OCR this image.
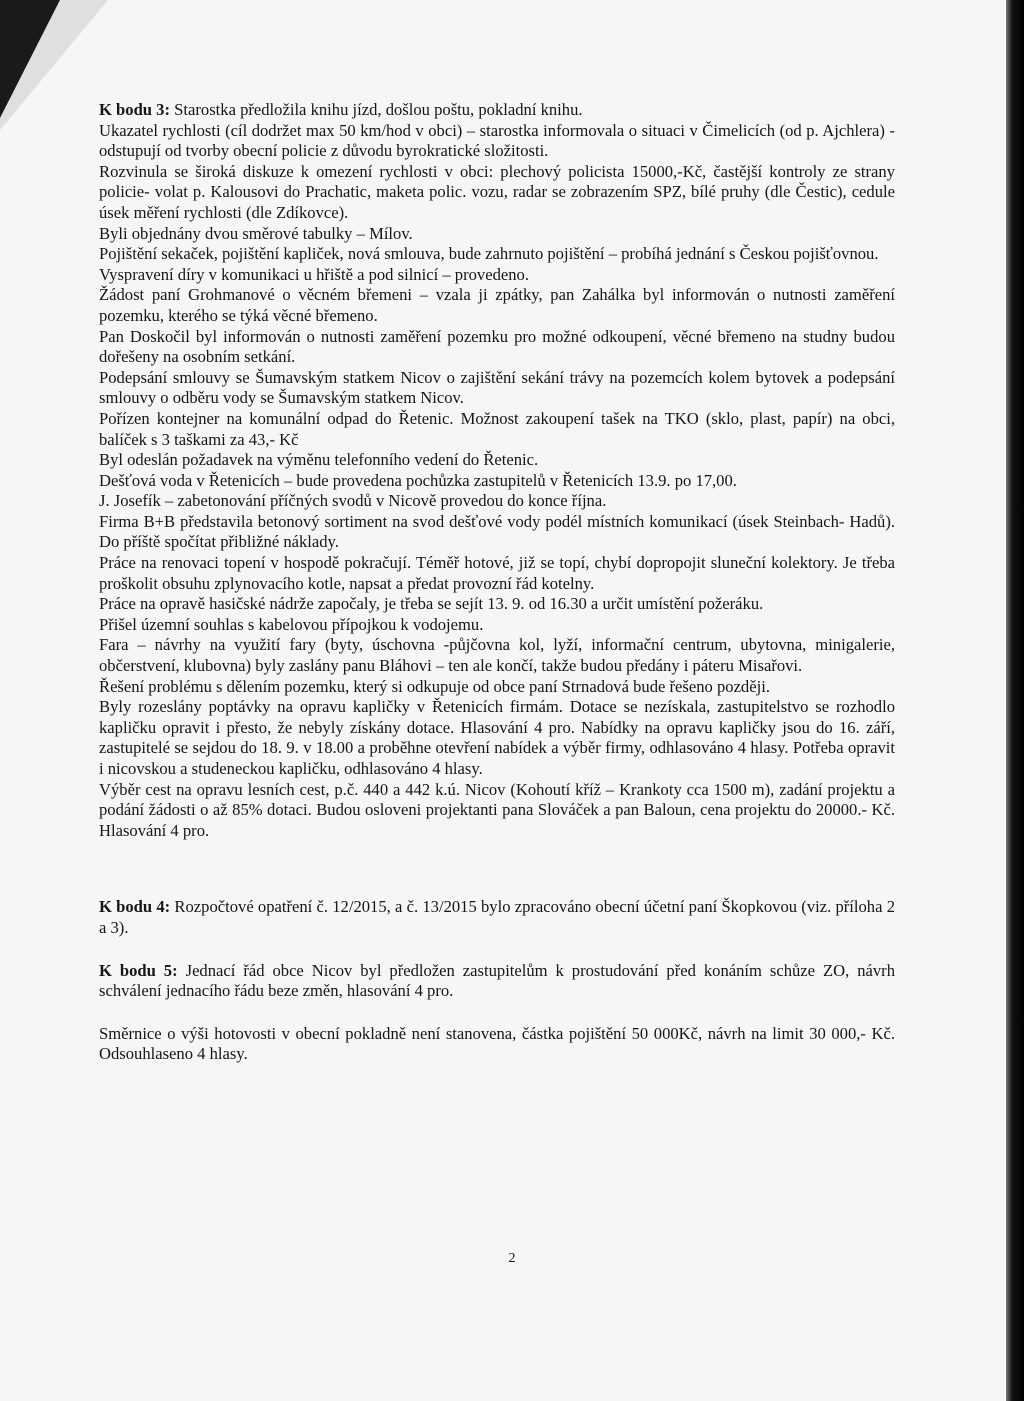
K bodu 3: Starostka předložila knihu jízd, došlou poštu, pokladní knihu.

Ukazatel rychlosti (cíl dodržet max 50 km/hod v obci) – starostka informovala o situaci v Čimelicích (od p. Ajchlera) - odstupují od tvorby obecní policie z důvodu byrokratické složitosti.

Rozvinula se široká diskuze k omezení rychlosti v obci: plechový policista 15000,-Kč, častější kontroly ze strany policie- volat p. Kalousovi do Prachatic, maketa polic. vozu, radar se zobrazením SPZ, bílé pruhy (dle Čestic), cedule úsek měření rychlosti (dle Zdíkovce).

Byli objednány dvou směrové tabulky – Mílov.

Pojištění sekaček, pojištění kapliček, nová smlouva, bude zahrnuto pojištění – probíhá jednání s Českou pojišťovnou.

Vyspravení díry v komunikaci u hřiště a pod silnicí – provedeno.

Žádost paní Grohmanové o věcném břemeni – vzala ji zpátky, pan Zahálka byl informován o nutnosti zaměření pozemku, kterého se týká věcné břemeno.

Pan Doskočil byl informován o nutnosti zaměření pozemku pro možné odkoupení, věcné břemeno na studny budou dořešeny na osobním setkání.

Podepsání smlouvy se Šumavským statkem Nicov o zajištění sekání trávy na pozemcích kolem bytovek a podepsání smlouvy o odběru vody se Šumavským statkem Nicov.

Pořízen kontejner na komunální odpad do Řetenic. Možnost zakoupení tašek na TKO (sklo, plast, papír) na obci, balíček s 3 taškami za 43,- Kč

Byl odeslán požadavek na výměnu telefonního vedení do Řetenic.

Dešťová voda v Řetenicích – bude provedena pochůzka zastupitelů v Řetenicích 13.9. po 17,00.

J. Josefík – zabetonování příčných svodů v Nicově provedou do konce října.

Firma B+B představila betonový sortiment na svod dešťové vody podél místních komunikací (úsek Steinbach- Hadů). Do příště spočítat přibližné náklady.

Práce na renovaci topení v hospodě pokračují. Téměř hotové, již se topí, chybí dopropojit sluneční kolektory. Je třeba proškolit obsuhu zplynovacího kotle, napsat a předat provozní řád kotelny.

Práce na opravě hasičské nádrže započaly, je třeba se sejít 13. 9. od 16.30 a určit umístění požeráku.

Přišel územní souhlas s kabelovou přípojkou k vodojemu.

Fara – návrhy na využití fary (byty, úschovna -půjčovna kol, lyží, informační centrum, ubytovna, minigalerie, občerstvení, klubovna) byly zaslány panu Bláhovi – ten ale končí, takže budou předány i páteru Misařovi.

Řešení problému s dělením pozemku, který si odkupuje od obce paní Strnadová bude řešeno později.

Byly rozeslány poptávky na opravu kapličky v Řetenicích firmám. Dotace se nezískala, zastupitelstvo se rozhodlo kapličku opravit i přesto, že nebyly získány dotace. Hlasování 4 pro. Nabídky na opravu kapličky jsou do 16. září, zastupitelé se sejdou do 18. 9. v 18.00 a proběhne otevření nabídek a výběr firmy, odhlasováno 4 hlasy. Potřeba opravit i nicovskou a studeneckou kapličku, odhlasováno 4 hlasy.

Výběr cest na opravu lesních cest, p.č. 440 a 442 k.ú. Nicov (Kohoutí kříž – Krankoty cca 1500 m), zadání projektu a podání žádosti o až 85% dotaci. Budou osloveni projektanti pana Slováček a pan Baloun, cena projektu do 20000.- Kč. Hlasování 4 pro.

K bodu 4: Rozpočtové opatření č. 12/2015, a č. 13/2015 bylo zpracováno obecní účetní paní Škopkovou (viz. příloha 2 a 3).

K bodu 5: Jednací řád obce Nicov byl předložen zastupitelům k prostudování před konáním schůze ZO, návrh schválení jednacího řádu beze změn, hlasování 4 pro.

Směrnice o výši hotovosti v obecní pokladně není stanovena, částka pojištění 50 000Kč, návrh na limit 30 000,- Kč. Odsouhlaseno 4 hlasy.

2
